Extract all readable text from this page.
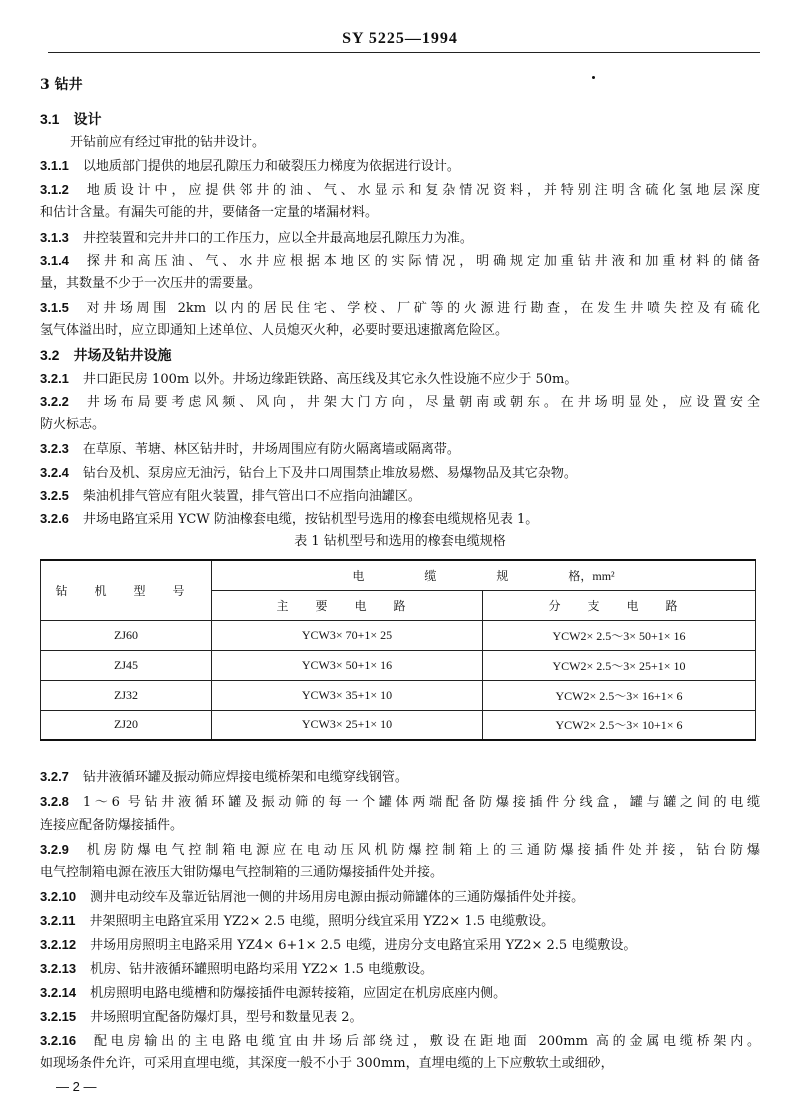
SY 5225—1994
3 钻井
3.1 设计
开钻前应有经过审批的钻井设计。
3.1.1 以地质部门提供的地层孔隙压力和破裂压力梯度为依据进行设计。
3.1.2 地质设计中，应提供邻井的油、气、水显示和复杂情况资料，并特别注明含硫化氢地层深度
和估计含量。有漏失可能的井，要储备一定量的堵漏材料。
3.1.3 井控装置和完井井口的工作压力，应以全井最高地层孔隙压力为准。
3.1.4 探井和高压油、气、水井应根据本地区的实际情况，明确规定加重钻井液和加重材料的储备
量，其数量不少于一次压井的需要量。
3.1.5 对井场周围 2km 以内的居民住宅、学校、厂矿等的火源进行勘查，在发生井喷失控及有硫化
氢气体溢出时，应立即通知上述单位、人员熄灭火种，必要时要迅速撤离危险区。
3.2 井场及钻井设施
3.2.1 井口距民房 100m 以外。井场边缘距铁路、高压线及其它永久性设施不应少于 50m。
3.2.2 井场布局要考虑风频、风向，井架大门方向，尽量朝南或朝东。在井场明显处，应设置安全
防火标志。
3.2.3 在草原、苇塘、林区钻井时，井场周围应有防火隔离墙或隔离带。
3.2.4 钻台及机、泵房应无油污，钻台上下及井口周围禁止堆放易燃、易爆物品及其它杂物。
3.2.5 柴油机排气管应有阻火装置，排气管出口不应指向油罐区。
3.2.6 井场电路宜采用 YCW 防油橡套电缆，按钻机型号选用的橡套电缆规格见表 1。
表 1 钻机型号和选用的橡套电缆规格
钻 机 型 号	电 缆 规 格，mm²	
	主 要 电 路	分 支 电 路
ZJ60	YCW3× 70+1× 25	YCW2× 2.5～3× 50+1× 16
ZJ45	YCW3× 50+1× 16	YCW2× 2.5～3× 25+1× 10
ZJ32	YCW3× 35+1× 10	YCW2× 2.5～3× 16+1× 6
ZJ20	YCW3× 25+1× 10	YCW2× 2.5～3× 10+1× 6
3.2.7 钻井液循环罐及振动筛应焊接电缆桥架和电缆穿线钢管。
3.2.8 1～6 号钻井液循环罐及振动筛的每一个罐体两端配备防爆接插件分线盒，罐与罐之间的电缆
连接应配备防爆接插件。
3.2.9 机房防爆电气控制箱电源应在电动压风机防爆控制箱上的三通防爆接插件处并接，钻台防爆
电气控制箱电源在液压大钳防爆电气控制箱的三通防爆接插件处并接。
3.2.10 测井电动绞车及靠近钻屑池一侧的井场用房电源由振动筛罐体的三通防爆插件处并接。
3.2.11 井架照明主电路宜采用 YZ2× 2.5 电缆，照明分线宜采用 YZ2× 1.5 电缆敷设。
3.2.12 井场用房照明主电路采用 YZ4× 6+1× 2.5 电缆，进房分支电路宜采用 YZ2× 2.5 电缆敷设。
3.2.13 机房、钻井液循环罐照明电路均采用 YZ2× 1.5 电缆敷设。
3.2.14 机房照明电路电缆槽和防爆接插件电源转接箱，应固定在机房底座内侧。
3.2.15 井场照明宜配备防爆灯具，型号和数量见表 2。
3.2.16 配电房输出的主电路电缆宜由井场后部绕过，敷设在距地面 200mm 高的金属电缆桥架内。
如现场条件允许，可采用直埋电缆，其深度一般不小于 300mm，直埋电缆的上下应敷软土或细砂，
— 2 —
